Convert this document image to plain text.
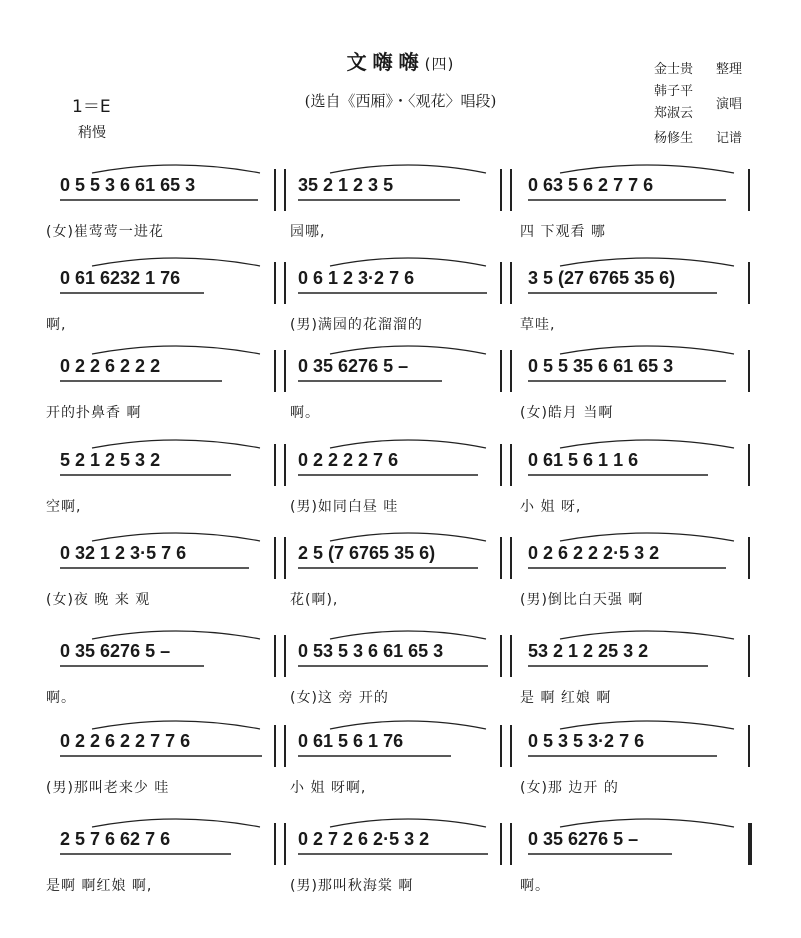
文嗨嗨(四)
(选自《西厢》・〈观花〉唱段)
1＝E
稍慢
金士贵 整理
韩子平
郑淑云
演唱
杨修生 记谱
0 5 5 3 6 61 65 3	35 2 1 2 3 5	0 63 5 6 2 7 7 6
(女)崔莺莺一进花	园哪,	四 下观看 哪
0 61 6232 1 76	0 6 1 2 3·2 7 6	3 5 (27 6765 35 6)
啊,	(男)满园的花溜溜的	草哇,
0 2 2 6 2 2 2	0 35 6276 5 –	0 5 5 35 6 61 65 3
开的扑鼻香 啊	啊。	(女)皓月 当啊
5 2 1 2 5 3 2	0 2 2 2 2 7 6	0 61 5 6 1 1 6
空啊,	(男)如同白昼 哇	小 姐 呀,
0 32 1 2 3·5 7 6	2 5 (7 6765 35 6)	0 2 6 2 2 2·5 3 2
(女)夜 晚 来 观	花(啊),	(男)倒比白天强 啊
0 35 6276 5 –	0 53 5 3 6 61 65 3	53 2 1 2 25 3 2
啊。	(女)这 旁 开的	是 啊 红娘 啊
0 2 2 6 2 2 7 7 6	0 61 5 6 1 76	0 5 3 5 3·2 7 6
(男)那叫老来少 哇	小 姐 呀啊,	(女)那 边开 的
2 5 7 6 62 7 6	0 2 7 2 6 2·5 3 2	0 35 6276 5 –
是啊 啊红娘 啊,	(男)那叫秋海棠 啊	啊。
